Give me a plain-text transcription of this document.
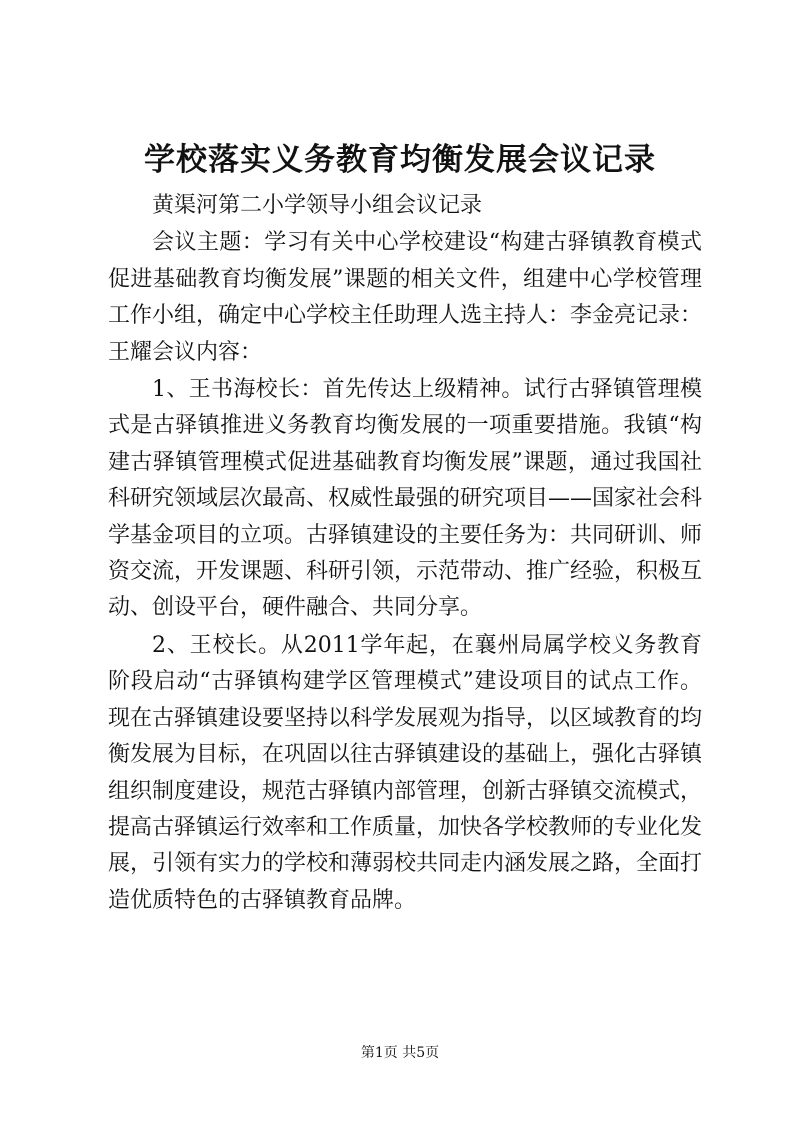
学校落实义务教育均衡发展会议记录

黄渠河第二小学领导小组会议记录

会议主题：学习有关中心学校建设“构建古驿镇教育模式促进基础教育均衡发展”课题的相关文件，组建中心学校管理工作小组，确定中心学校主任助理人选主持人：李金亮记录：王耀会议内容：

1、王书海校长：首先传达上级精神。试行古驿镇管理模式是古驿镇推进义务教育均衡发展的一项重要措施。我镇“构建古驿镇管理模式促进基础教育均衡发展”课题，通过我国社科研究领域层次最高、权威性最强的研究项目——国家社会科学基金项目的立项。古驿镇建设的主要任务为：共同研训、师资交流，开发课题、科研引领，示范带动、推广经验，积极互动、创设平台，硬件融合、共同分享。

2、王校长。从2011学年起，在襄州局属学校义务教育阶段启动“古驿镇构建学区管理模式”建设项目的试点工作。现在古驿镇建设要坚持以科学发展观为指导，以区域教育的均衡发展为目标，在巩固以往古驿镇建设的基础上，强化古驿镇组织制度建设，规范古驿镇内部管理，创新古驿镇交流模式，提高古驿镇运行效率和工作质量，加快各学校教师的专业化发展，引领有实力的学校和薄弱校共同走内涵发展之路，全面打造优质特色的古驿镇教育品牌。

第1页 共5页
